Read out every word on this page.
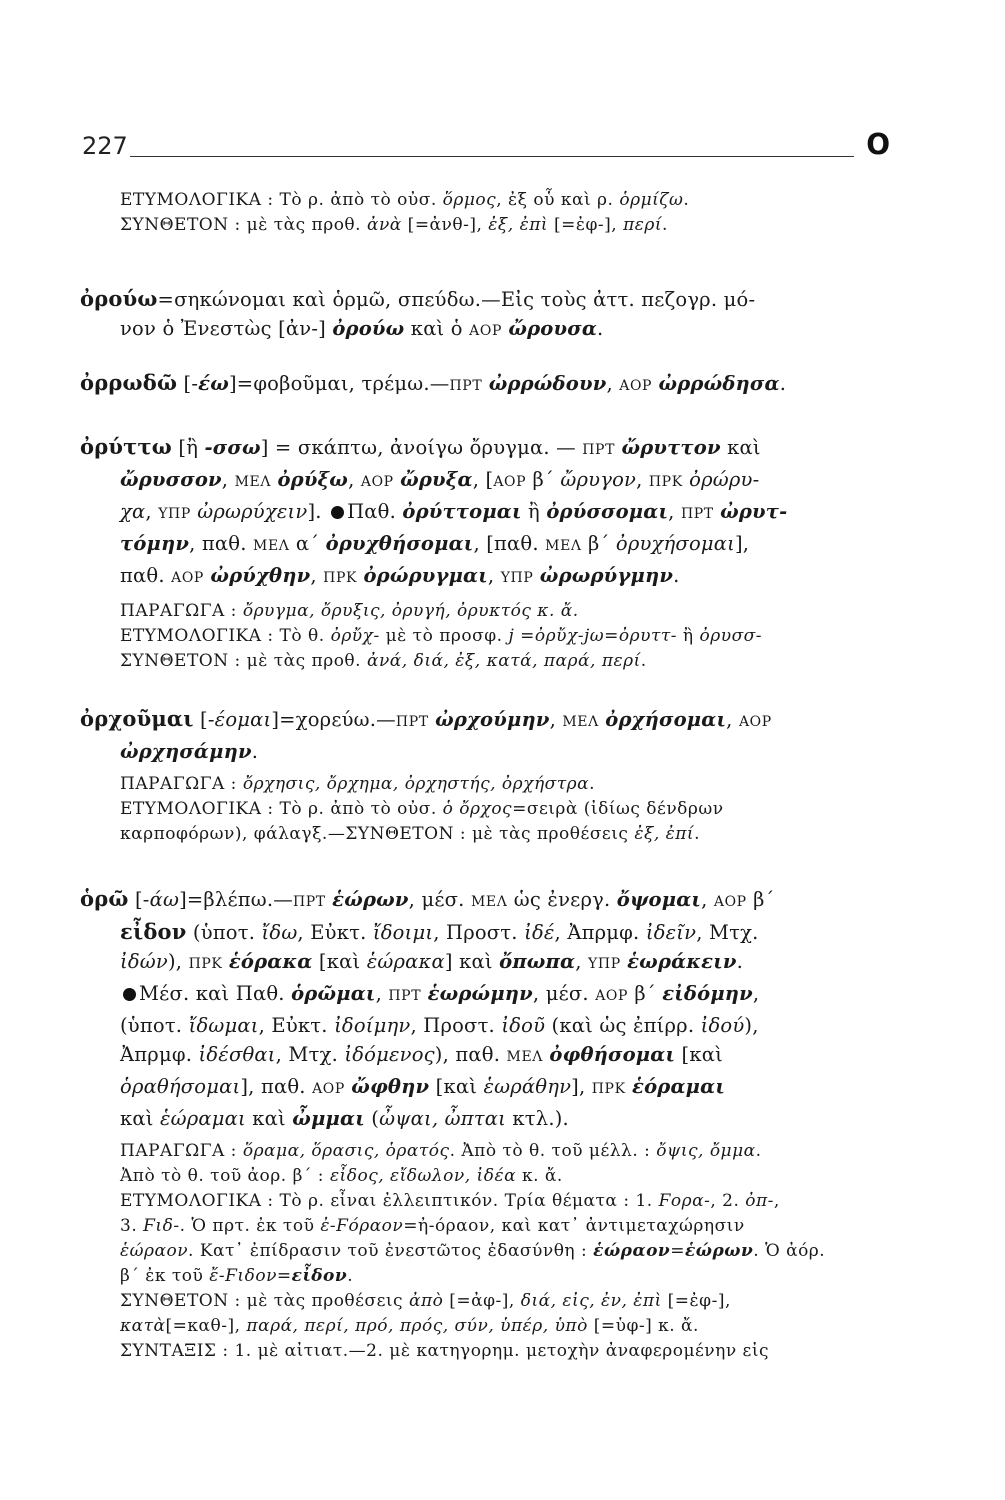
227	Ο
ΕΤΥΜΟΛΟΓΙΚΑ : Τὸ ρ. ἀπὸ τὸ οὐσ. ὅρμος, ἐξ οὗ καὶ ρ. ὁρμίζω.
ΣΥΝΘΕΤΟΝ : μὲ τὰς προθ. ἀνὰ [=ἀνθ-], ἐξ, ἐπὶ [=ἐφ-], περί.
ὀρούω=σηκώνομαι καὶ ὁρμῶ, σπεύδω.—Εἰς τοὺς ἀττ. πεζογρ. μό-
νον ὁ Ἐνεστὼς [ἀν-] ὀρούω καὶ ὁ ΑΟΡ ὤρουσα.
ὀρρωδῶ [-έω]=φοβοῦμαι, τρέμω.—ΠΡΤ ὠρρώδουν, ΑΟΡ ὠρρώδησα.
ὀρύττω [ἢ -σσω] = σκάπτω, ἀνοίγω ὄρυγμα. — ΠΡΤ ὤρυττον καὶ
ὤρυσσον, ΜΕΛ ὀρύξω, ΑΟΡ ὤρυξα, [ΑΟΡ β΄ ὤρυγον, ΠΡΚ ὀρώρυ-
χα, ΥΠΡ ὠρωρύχειν]. Παθ. ὀρύττομαι ἢ ὀρύσσομαι, ΠΡΤ ὠρυτ-
τόμην, παθ. ΜΕΛ α΄ ὀρυχθήσομαι, [παθ. ΜΕΛ β΄ ὀρυχήσομαι],
παθ. ΑΟΡ ὠρύχθην, ΠΡΚ ὀρώρυγμαι, ΥΠΡ ὠρωρύγμην.
ΠΑΡΑΓΩΓΑ : ὄρυγμα, ὄρυξις, ὀρυγή, ὀρυκτός κ. ἄ.
ΕΤΥΜΟΛΟΓΙΚΑ : Τὸ θ. ὀρὔχ- μὲ τὸ προσφ. j =ὀρὔχ-jω=ὀρυττ- ἢ ὀρυσσ-
ΣΥΝΘΕΤΟΝ : μὲ τὰς προθ. ἀνά, διά, ἐξ, κατά, παρά, περί.
ὀρχοῦμαι [-έομαι]=χορεύω.—ΠΡΤ ὠρχούμην, ΜΕΛ ὀρχήσομαι, ΑΟΡ
ὠρχησάμην.
ΠΑΡΑΓΩΓΑ : ὄρχησις, ὄρχημα, ὀρχηστής, ὀρχήστρα.
ΕΤΥΜΟΛΟΓΙΚΑ : Τὸ ρ. ἀπὸ τὸ οὐσ. ὁ ὄρχος=σειρὰ (ἰδίως δένδρων
καρποφόρων), φάλαγξ.—ΣΥΝΘΕΤΟΝ : μὲ τὰς προθέσεις ἐξ, ἐπί.
ὁρῶ [-άω]=βλέπω.—ΠΡΤ ἑώρων, μέσ. ΜΕΛ ὡς ἐνεργ. ὄψομαι, ΑΟΡ β΄
εἶδον (ὑποτ. ἴδω, Εὐκτ. ἴδοιμι, Προστ. ἰδέ, Ἀπρμφ. ἰδεῖν, Μτχ.
ἰδών), ΠΡΚ ἑόρακα [καὶ ἑώρακα] καὶ ὄπωπα, ΥΠΡ ἑωράκειν.
Μέσ. καὶ Παθ. ὁρῶμαι, ΠΡΤ ἑωρώμην, μέσ. ΑΟΡ β΄ εἰδόμην,
(ὑποτ. ἴδωμαι, Εὐκτ. ἰδοίμην, Προστ. ἰδοῦ (καὶ ὡς ἐπίρρ. ἰδού),
Ἀπρμφ. ἰδέσθαι, Μτχ. ἰδόμενος), παθ. ΜΕΛ ὀφθήσομαι [καὶ
ὁραθήσομαι], παθ. ΑΟΡ ὤφθην [καὶ ἑωράθην], ΠΡΚ ἑόραμαι
καὶ ἑώραμαι καὶ ὦμμαι (ὦψαι, ὦπται κτλ.).
ΠΑΡΑΓΩΓΑ : ὅραμα, ὅρασις, ὁρατός. Ἀπὸ τὸ θ. τοῦ μέλλ. : ὄψις, ὄμμα.
Ἀπὸ τὸ θ. τοῦ ἀορ. β΄ : εἶδος, εἴδωλον, ἰδέα κ. ἄ.
ΕΤΥΜΟΛΟΓΙΚΑ : Τὸ ρ. εἶναι ἐλλειπτικόν. Τρία θέματα : 1. Ϝορα-, 2. ὀπ-,
3. Ϝιδ-. Ὁ πρτ. ἐκ τοῦ ἐ-Ϝόραον=ἠ-όραον, καὶ κατ᾽ ἀντιμεταχώρησιν
ἑώραον. Κατ᾽ ἐπίδρασιν τοῦ ἐνεστῶτος ἐδασύνθη : ἑώραον=ἑώρων. Ὁ ἀόρ.
β΄ ἐκ τοῦ ἔ-Ϝιδον=εἶδον.
ΣΥΝΘΕΤΟΝ : μὲ τὰς προθέσεις ἀπὸ [=ἀφ-], διά, εἰς, ἐν, ἐπὶ [=ἐφ-],
κατὰ[=καθ-], παρά, περί, πρό, πρός, σύν, ὑπέρ, ὑπὸ [=ὑφ-] κ. ἄ.
ΣΥΝΤΑΞΙΣ : 1. μὲ αἰτιατ.—2. μὲ κατηγορημ. μετοχὴν ἀναφερομένην εἰς
